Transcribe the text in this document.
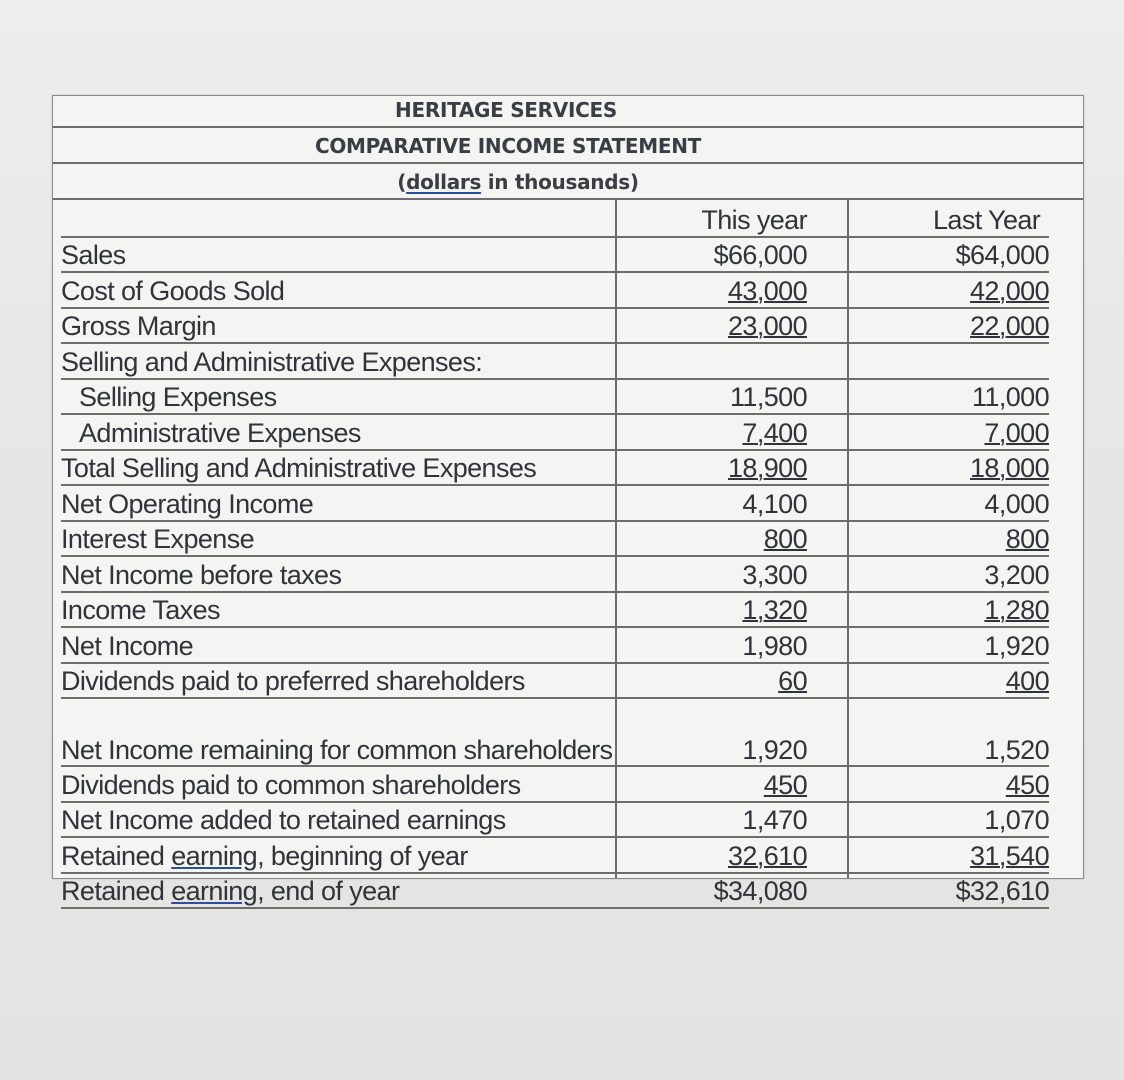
HERITAGE SERVICES
COMPARATIVE INCOME STATEMENT
(dollars in thousands)
		This year		Last Year
Sales		$66,000		$64,000
Cost of Goods Sold		43,000		42,000
Gross Margin		23,000		22,000
Selling and Administrative Expenses:				
Selling Expenses		11,500		11,000
Administrative Expenses		7,400		7,000
Total Selling and Administrative Expenses		18,900		18,000
Net Operating Income		4,100		4,000
Interest Expense		800		800
Net Income before taxes		3,300		3,200
Income Taxes		1,320		1,280
Net Income		1,980		1,920
Dividends paid to preferred shareholders		60		400
Net Income remaining for common shareholders		1,920		1,520
Dividends paid to common shareholders		450		450
Net Income added to retained earnings		1,470		1,070
Retained earning, beginning of year		32,610		31,540
Retained earning, end of year		$34,080		$32,610
